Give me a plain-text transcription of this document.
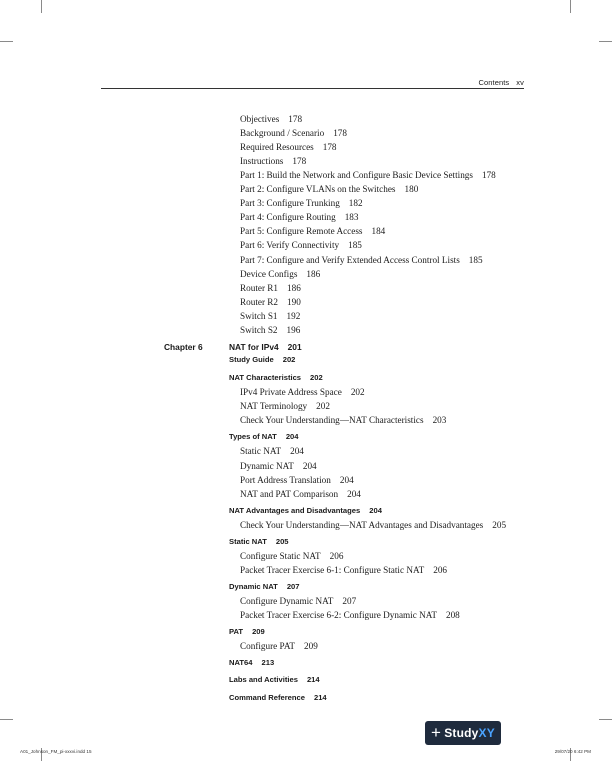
Contents xv
Objectives 178
Background / Scenario 178
Required Resources 178
Instructions 178
Part 1: Build the Network and Configure Basic Device Settings 178
Part 2: Configure VLANs on the Switches 180
Part 3: Configure Trunking 182
Part 4: Configure Routing 183
Part 5: Configure Remote Access 184
Part 6: Verify Connectivity 185
Part 7: Configure and Verify Extended Access Control Lists 185
Device Configs 186
Router R1 186
Router R2 190
Switch S1 192
Switch S2 196
Chapter 6	NAT for IPv4 201
Study Guide 202
NAT Characteristics 202
IPv4 Private Address Space 202
NAT Terminology 202
Check Your Understanding—NAT Characteristics 203
Types of NAT 204
Static NAT 204
Dynamic NAT 204
Port Address Translation 204
NAT and PAT Comparison 204
NAT Advantages and Disadvantages 204
Check Your Understanding—NAT Advantages and Disadvantages 205
Static NAT 205
Configure Static NAT 206
Packet Tracer Exercise 6-1: Configure Static NAT 206
Dynamic NAT 207
Configure Dynamic NAT 207
Packet Tracer Exercise 6-2: Configure Dynamic NAT 208
PAT 209
Configure PAT 209
NAT64 213
Labs and Activities 214
Command Reference 214
A01_Johnson_FM_pi-xxxvi.indd 15	29/07/20 6:42 PM
+ Study XY
